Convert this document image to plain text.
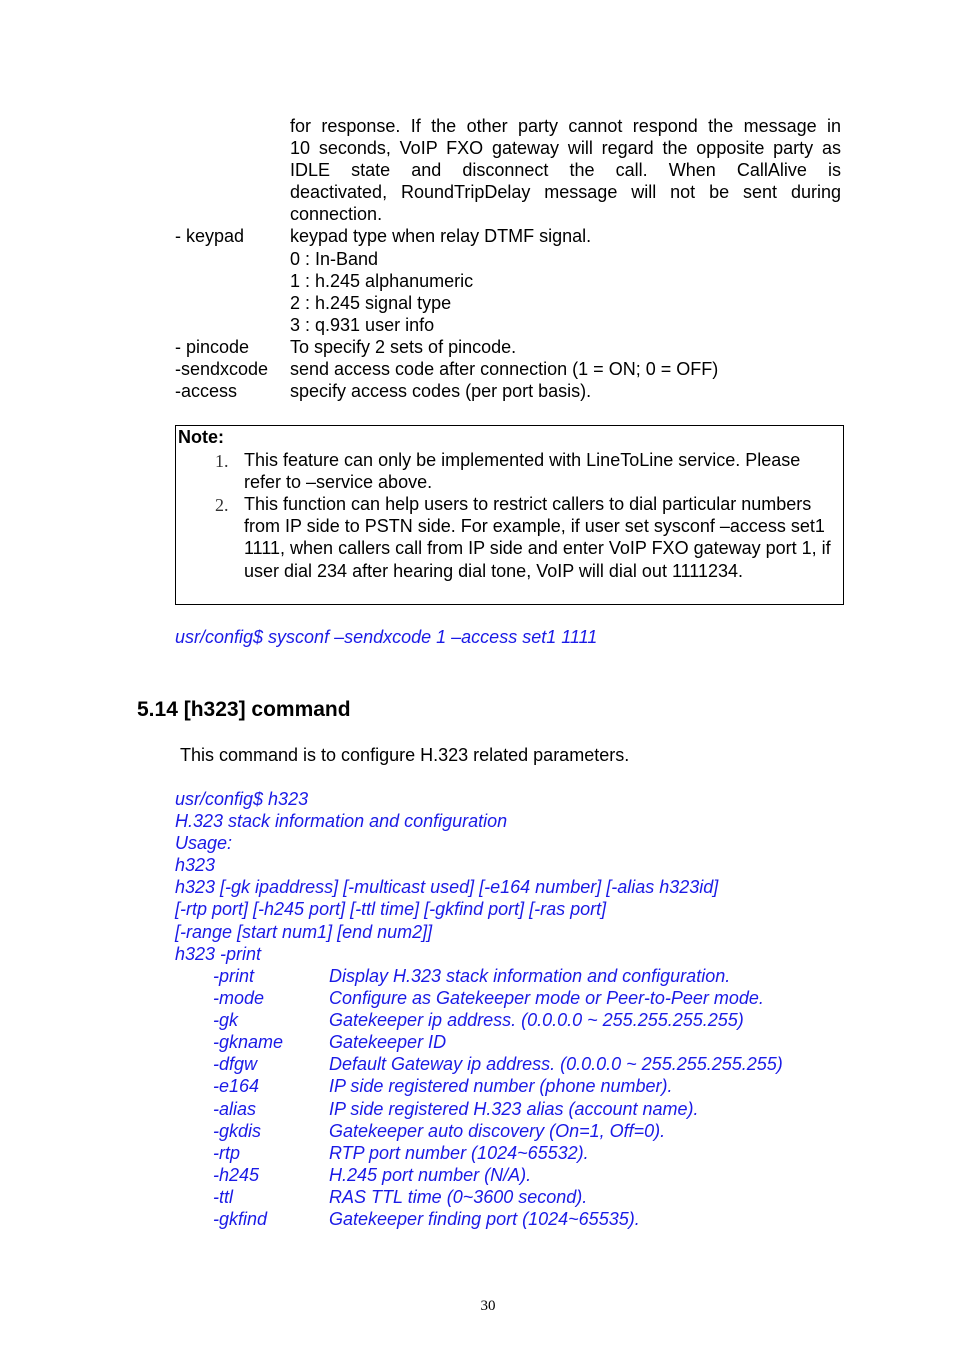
for response. If the other party cannot respond the message in
10 seconds, VoIP FXO gateway will regard the opposite party as
IDLE state and disconnect the call. When CallAlive is
deactivated, RoundTripDelay message will not be sent during
connection.
- keypad	keypad type when relay DTMF signal.
0 : In-Band
1 : h.245 alphanumeric
2 : h.245 signal type
3 : q.931 user info
- pincode To specify 2 sets of pincode.
-sendxcode send access code after connection (1 = ON; 0 = OFF)
-access	specify access codes (per port basis).
Note:
1. This feature can only be implemented with LineToLine service. Please refer to –service above.
2. This function can help users to restrict callers to dial particular numbers from IP side to PSTN side. For example, if user set sysconf –access set1 1111, when callers call from IP side and enter VoIP FXO gateway port 1, if user dial 234 after hearing dial tone, VoIP will dial out 1111234.
usr/config$ sysconf –sendxcode 1 –access set1 1111
5.14 [h323] command
This command is to configure H.323 related parameters.
usr/config$ h323
H.323 stack information and configuration
Usage:
h323
h323 [-gk ipaddress] [-multicast used] [-e164 number] [-alias h323id]
[-rtp port] [-h245 port] [-ttl time] [-gkfind port] [-ras port]
[-range [start num1] [end num2]]
h323 -print
-print	Display H.323 stack information and configuration.
-mode	Configure as Gatekeeper mode or Peer-to-Peer mode.
-gk	Gatekeeper ip address. (0.0.0.0 ~ 255.255.255.255)
-gkname	Gatekeeper ID
-dfgw	Default Gateway ip address. (0.0.0.0 ~ 255.255.255.255)
-e164	IP side registered number (phone number).
-alias	IP side registered H.323 alias (account name).
-gkdis	Gatekeeper auto discovery (On=1, Off=0).
-rtp	RTP port number (1024~65532).
-h245	H.245 port number (N/A).
-ttl	RAS TTL time (0~3600 second).
-gkfind	Gatekeeper finding port (1024~65535).
30
